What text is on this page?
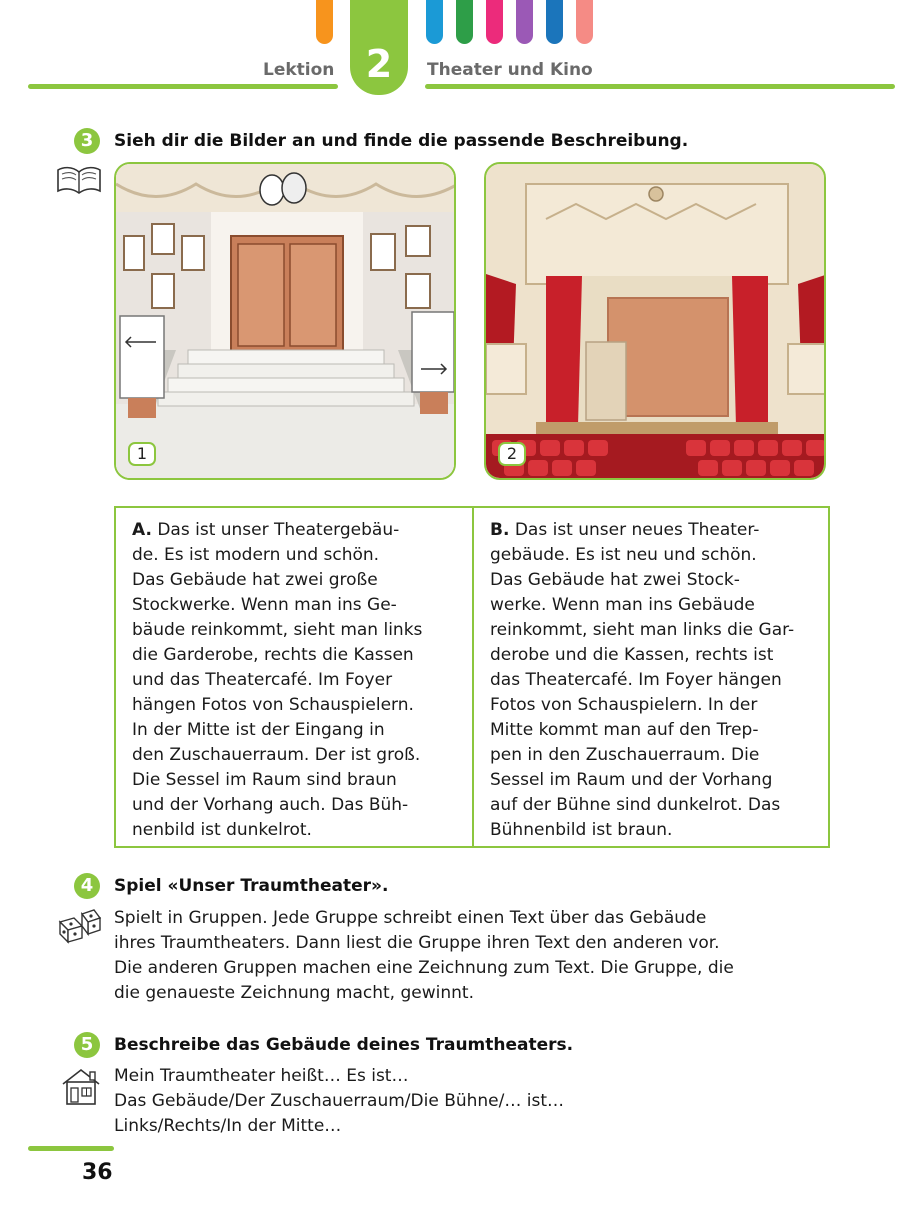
Lektion 2	Theater und Kino
3	Sieh dir die Bilder an und finde die passende Beschreibung.
1	2
A. Das ist unser Theatergebäu-
de. Es ist modern und schön.
Das Gebäude hat zwei große
Stockwerke. Wenn man ins Ge-
bäude reinkommt, sieht man links
die Garderobe, rechts die Kassen
und das Theatercafé. Im Foyer
hängen Fotos von Schauspielern.
In der Mitte ist der Eingang in
den Zuschauerraum. Der ist groß.
Die Sessel im Raum sind braun
und der Vorhang auch. Das Büh-
nenbild ist dunkelrot.
B. Das ist unser neues Theater-
gebäude. Es ist neu und schön.
Das Gebäude hat zwei Stock-
werke. Wenn man ins Gebäude
reinkommt, sieht man links die Gar-
derobe und die Kassen, rechts ist
das Theatercafé. Im Foyer hängen
Fotos von Schauspielern. In der
Mitte kommt man auf den Trep-
pen in den Zuschauerraum. Die
Sessel im Raum und der Vorhang
auf der Bühne sind dunkelrot. Das
Bühnenbild ist braun.
4	Spiel «Unser Traumtheater».
Spielt in Gruppen. Jede Gruppe schreibt einen Text über das Gebäude
ihres Traumtheaters. Dann liest die Gruppe ihren Text den anderen vor.
Die anderen Gruppen machen eine Zeichnung zum Text. Die Gruppe, die
die genaueste Zeichnung macht, gewinnt.
5	Beschreibe das Gebäude deines Traumtheaters.
Mein Traumtheater heißt… Es ist…
Das Gebäude/Der Zuschauerraum/Die Bühne/… ist…
Links/Rechts/In der Mitte…
36
